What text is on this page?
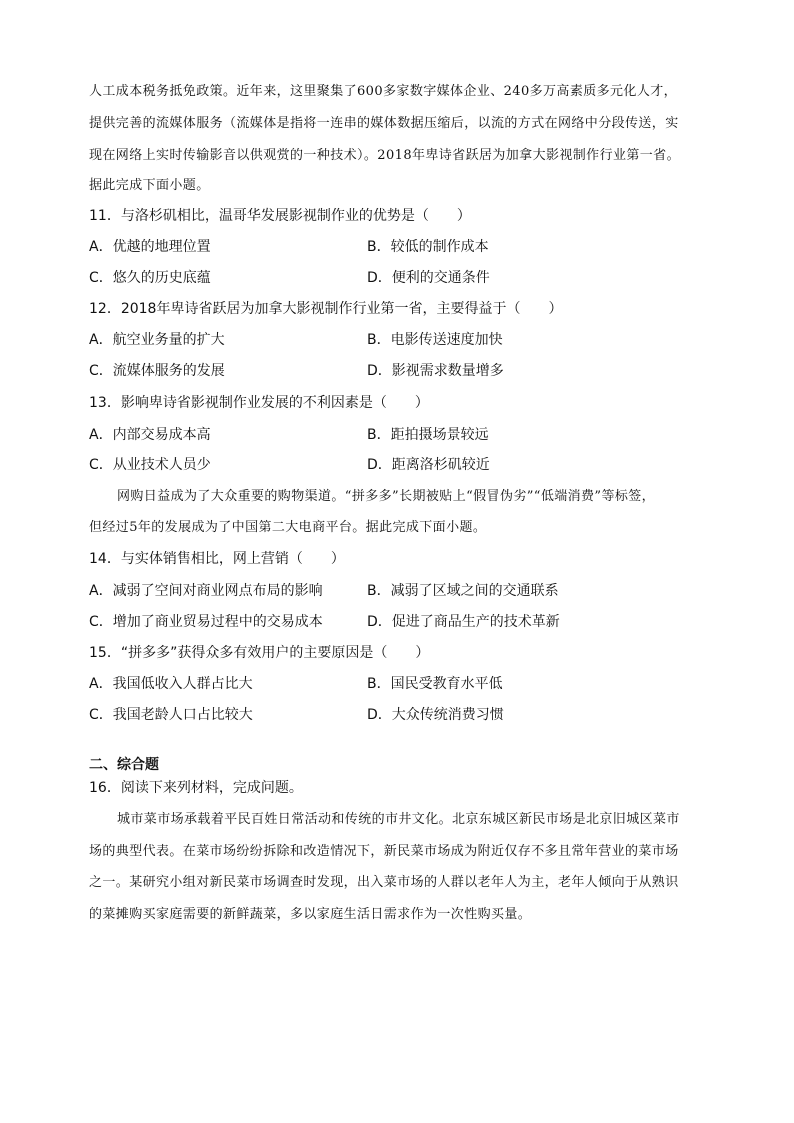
人工成本税务抵免政策。近年来，这里聚集了600多家数字媒体企业、240多万高素质多元化人才，
提供完善的流媒体服务（流媒体是指将一连串的媒体数据压缩后，以流的方式在网络中分段传送，实
现在网络上实时传输影音以供观赏的一种技术）。2018年卑诗省跃居为加拿大影视制作行业第一省。
据此完成下面小题。
11．与洛杉矶相比，温哥华发展影视制作业的优势是（　　）
A．优越的地理位置	B．较低的制作成本
C．悠久的历史底蕴	D．便利的交通条件
12．2018年卑诗省跃居为加拿大影视制作行业第一省，主要得益于（　　）
A．航空业务量的扩大	B．电影传送速度加快
C．流媒体服务的发展	D．影视需求数量增多
13．影响卑诗省影视制作业发展的不利因素是（　　）
A．内部交易成本高	B．距拍摄场景较远
C．从业技术人员少	D．距离洛杉矶较近
网购日益成为了大众重要的购物渠道。“拼多多”长期被贴上“假冒伪劣”“低端消费”等标签，
但经过5年的发展成为了中国第二大电商平台。据此完成下面小题。
14．与实体销售相比，网上营销（　　）
A．减弱了空间对商业网点布局的影响	B．减弱了区域之间的交通联系
C．增加了商业贸易过程中的交易成本	D．促进了商品生产的技术革新
15．“拼多多”获得众多有效用户的主要原因是（　　）
A．我国低收入人群占比大	B．国民受教育水平低
C．我国老龄人口占比较大	D．大众传统消费习惯
二、综合题
16．阅读下来列材料，完成问题。
城市菜市场承载着平民百姓日常活动和传统的市井文化。北京东城区新民市场是北京旧城区菜市
场的典型代表。在菜市场纷纷拆除和改造情况下，新民菜市场成为附近仅存不多且常年营业的菜市场
之一。某研究小组对新民菜市场调查时发现，出入菜市场的人群以老年人为主，老年人倾向于从熟识
的菜摊购买家庭需要的新鲜蔬菜，多以家庭生活日需求作为一次性购买量。
